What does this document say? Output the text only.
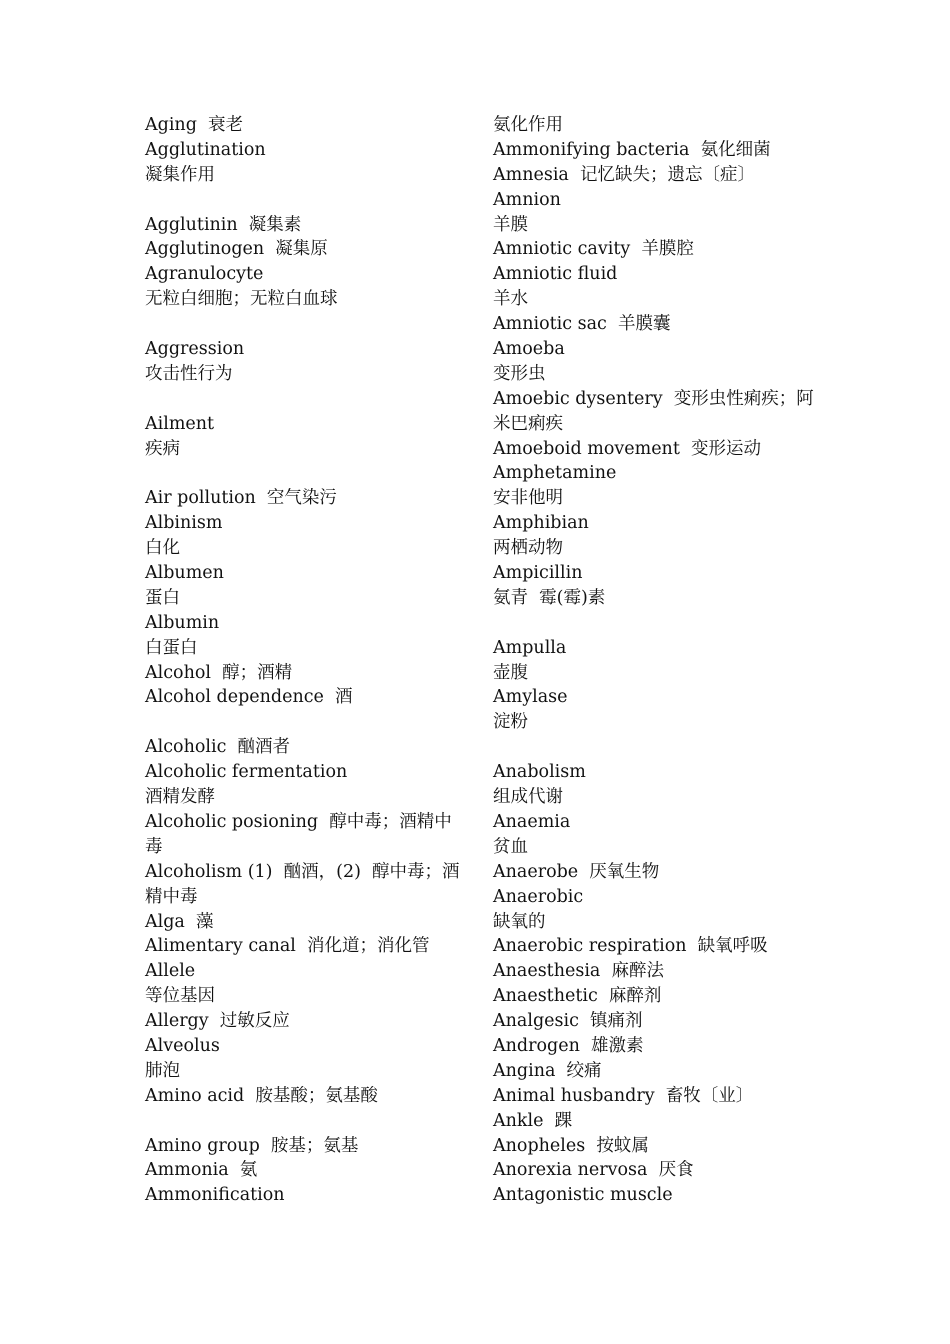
Aging  衰老
Agglutination
凝集作用
Agglutinin  凝集素
Agglutinogen  凝集原
Agranulocyte
无粒白细胞；无粒白血球
Aggression
攻击性行为
Ailment
疾病
Air pollution  空气染污
Albinism
白化
Albumen
蛋白
Albumin
白蛋白
Alcohol  醇；酒精
Alcohol dependence  酒
Alcoholic  酗酒者
Alcoholic fermentation
酒精发酵
Alcoholic posioning  醇中毒；酒精中
毒
Alcoholism (1)  酗酒，(2)  醇中毒；酒
精中毒
Alga  藻
Alimentary canal  消化道；消化管
Allele
等位基因
Allergy  过敏反应
Alveolus
肺泡
Amino acid  胺基酸；氨基酸
Amino group  胺基；氨基
Ammonia  氨
Ammonification
氨化作用
Ammonifying bacteria  氨化细菌
Amnesia  记忆缺失；遗忘〔症〕
Amnion
羊膜
Amniotic cavity  羊膜腔
Amniotic fluid
羊水
Amniotic sac  羊膜囊
Amoeba
变形虫
Amoebic dysentery  变形虫性痢疾；阿
米巴痢疾
Amoeboid movement  变形运动
Amphetamine
安非他明
Amphibian
两栖动物
Ampicillin
氨青  霉(霉)素
Ampulla
壶腹
Amylase
淀粉
Anabolism
组成代谢
Anaemia
贫血
Anaerobe  厌氧生物
Anaerobic
缺氧的
Anaerobic respiration  缺氧呼吸
Anaesthesia  麻醉法
Anaesthetic  麻醉剂
Analgesic  镇痛剂
Androgen  雄激素
Angina  绞痛
Animal husbandry  畜牧〔业〕
Ankle  踝
Anopheles  按蚊属
Anorexia nervosa  厌食
Antagonistic muscle
